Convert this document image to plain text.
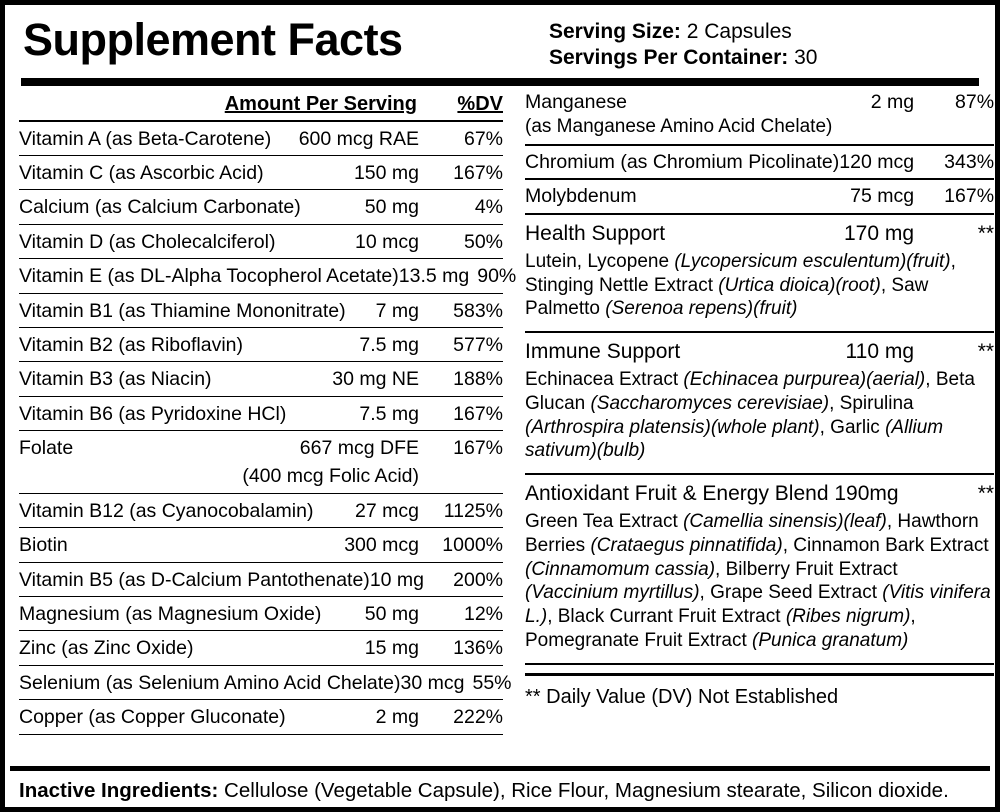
Supplement Facts	Serving Size: 2 Capsules
Servings Per Container: 30
Amount Per Serving	%DV
Vitamin A (as Beta-Carotene)	600 mcg RAE	67%
Vitamin C (as Ascorbic Acid)	150 mg	167%
Calcium (as Calcium Carbonate)	50 mg	4%
Vitamin D (as Cholecalciferol)	10 mcg	50%
Vitamin E (as DL-Alpha Tocopherol Acetate) 13.5 mg 90%
Vitamin B1 (as Thiamine Mononitrate)	7 mg	583%
Vitamin B2 (as Riboflavin)	7.5 mg	577%
Vitamin B3 (as Niacin)	30 mg NE	188%
Vitamin B6 (as Pyridoxine HCl)	7.5 mg	167%
Folate	667 mcg DFE	167%
(400 mcg Folic Acid)
Vitamin B12 (as Cyanocobalamin)	27 mcg	1125%
Biotin	300 mcg	1000%
Vitamin B5 (as D-Calcium Pantothenate) 10 mg	200%
Magnesium (as Magnesium Oxide)	50 mg	12%
Zinc (as Zinc Oxide)	15 mg	136%
Selenium (as Selenium Amino Acid Chelate) 30 mcg 55%
Copper (as Copper Gluconate)	2 mg	222%
Manganese	2 mg	87%
(as Manganese Amino Acid Chelate)
Chromium (as Chromium Picolinate) 120 mcg	343%
Molybdenum	75 mcg	167%
Health Support	170 mg	**
Lutein, Lycopene (Lycopersicum esculentum)(fruit), Stinging Nettle Extract (Urtica dioica)(root), Saw Palmetto (Serenoa repens)(fruit)
Immune Support	110 mg	**
Echinacea Extract (Echinacea purpurea)(aerial), Beta Glucan (Saccharomyces cerevisiae), Spirulina (Arthrospira platensis)(whole plant), Garlic (Allium sativum)(bulb)
Antioxidant Fruit & Energy Blend 190mg	**
Green Tea Extract (Camellia sinensis)(leaf), Hawthorn Berries (Crataegus pinnatifida), Cinnamon Bark Extract (Cinnamomum cassia), Bilberry Fruit Extract (Vaccinium myrtillus), Grape Seed Extract (Vitis vinifera L.), Black Currant Fruit Extract (Ribes nigrum), Pomegranate Fruit Extract (Punica granatum)
** Daily Value (DV) Not Established
Inactive Ingredients: Cellulose (Vegetable Capsule), Rice Flour, Magnesium stearate, Silicon dioxide.
